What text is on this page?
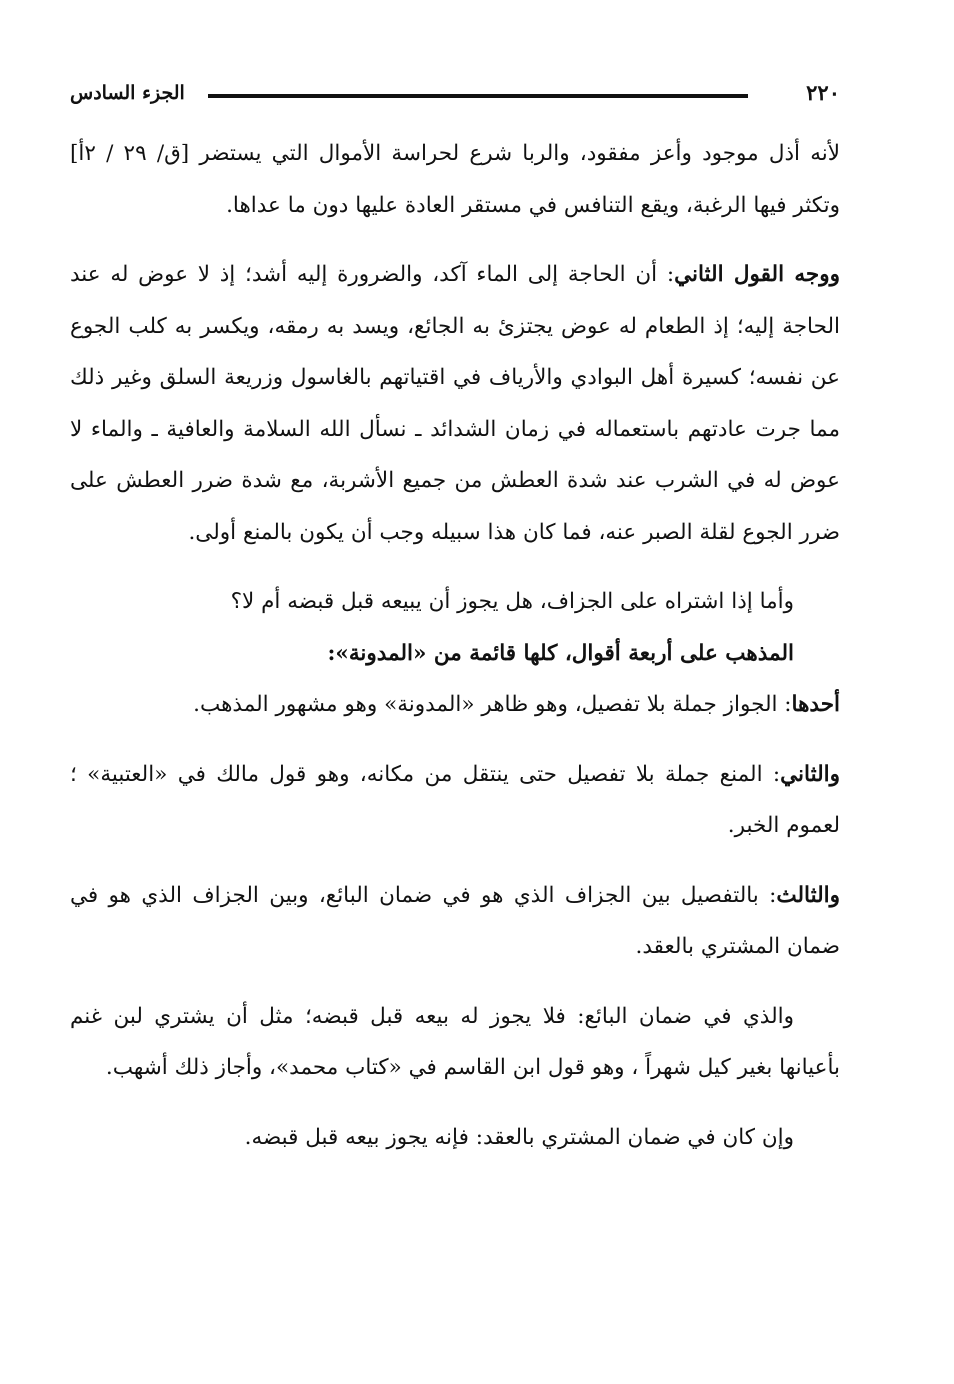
الجزء السادس	٢٢٠

لأنه أذل موجود وأعز مفقود، والربا شرع لحراسة الأموال التي يستضر [ق/ ٢٩ / ٢أ] وتكثر فيها الرغبة، ويقع التنافس في مستقر العادة عليها دون ما عداها.

ووجه القول الثاني: أن الحاجة إلى الماء آكد، والضرورة إليه أشد؛ إذ لا عوض له عند الحاجة إليه؛ إذ الطعام له عوض يجتزئ به الجائع، ويسد به رمقه، ويكسر به كلب الجوع عن نفسه؛ كسيرة أهل البوادي والأرياف في اقتياتهم بالغاسول وزريعة السلق وغير ذلك مما جرت عادتهم باستعماله في زمان الشدائد ـ نسأل الله السلامة والعافية ـ والماء لا عوض له في الشرب عند شدة العطش من جميع الأشربة، مع شدة ضرر العطش على ضرر الجوع لقلة الصبر عنه، فما كان هذا سبيله وجب أن يكون بالمنع أولى.

وأما إذا اشتراه على الجزاف، هل يجوز أن يبيعه قبل قبضه أم لا؟

المذهب على أربعة أقوال، كلها قائمة من «المدونة»:

أحدها: الجواز جملة بلا تفصيل، وهو ظاهر «المدونة» وهو مشهور المذهب.

والثاني: المنع جملة بلا تفصيل حتى ينتقل من مكانه، وهو قول مالك في «العتبية» ؛ لعموم الخبر.

والثالث: بالتفصيل بين الجزاف الذي هو في ضمان البائع، وبين الجزاف الذي هو في ضمان المشتري بالعقد.

والذي في ضمان البائع: فلا يجوز له بيعه قبل قبضه؛ مثل أن يشتري لبن غنم بأعيانها بغير كيل شهراً ، وهو قول ابن القاسم في «كتاب محمد»، وأجاز ذلك أشهب.

وإن كان في ضمان المشتري بالعقد: فإنه يجوز بيعه قبل قبضه.
